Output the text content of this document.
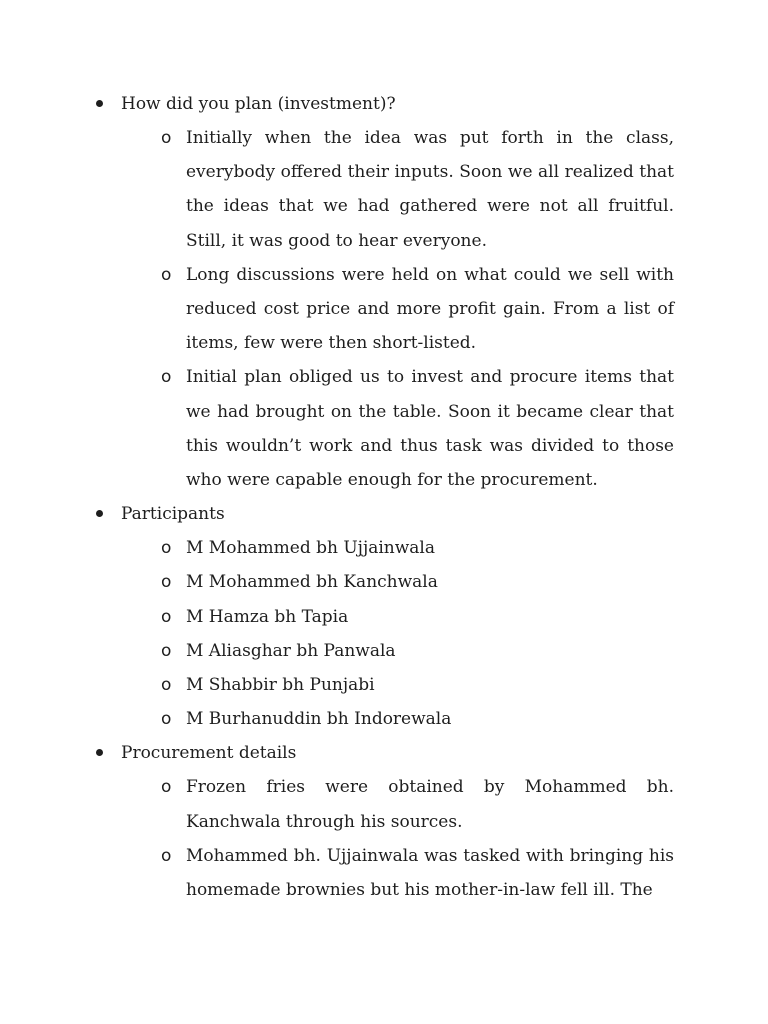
How did you plan (investment)?
o Initially when the idea was put forth in the class, everybody offered their inputs. Soon we all realized that the ideas that we had gathered were not all fruitful. Still, it was good to hear everyone.
o Long discussions were held on what could we sell with reduced cost price and more profit gain. From a list of items, few were then short-listed.
o Initial plan obliged us to invest and procure items that we had brought on the table. Soon it became clear that this wouldn’t work and thus task was divided to those who were capable enough for the procurement.
Participants
o M Mohammed bh Ujjainwala
o M Mohammed bh Kanchwala
o M Hamza bh Tapia
o M Aliasghar bh Panwala
o M Shabbir bh Punjabi
o M Burhanuddin bh Indorewala
Procurement details
o Frozen fries were obtained by Mohammed bh. Kanchwala through his sources.
o Mohammed bh. Ujjainwala was tasked with bringing his homemade brownies but his mother-in-law fell ill. The
